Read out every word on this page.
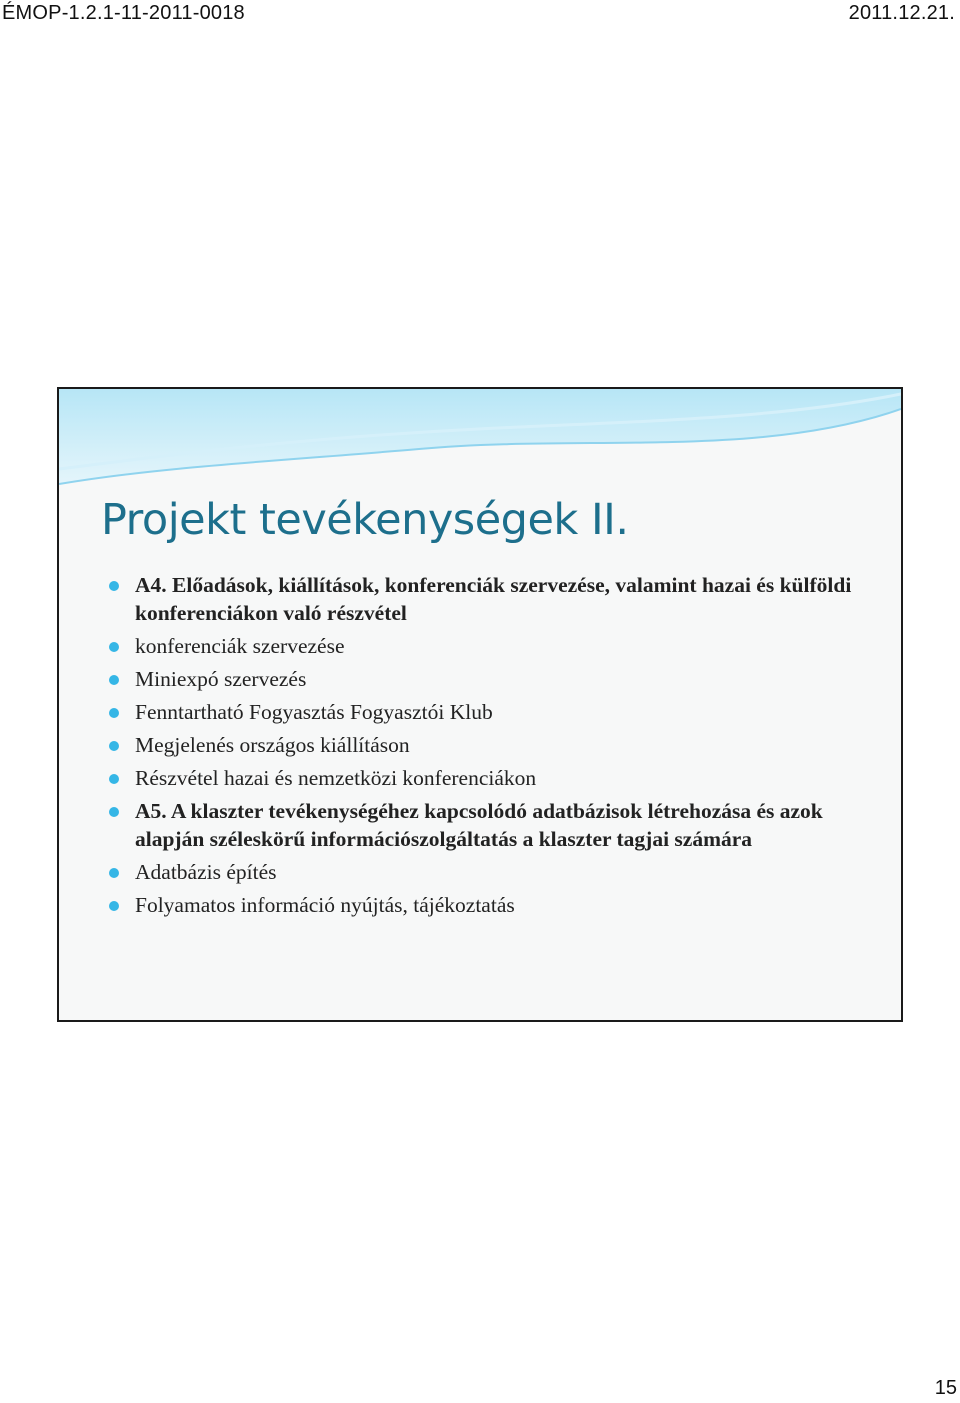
ÉMOP-1.2.1-11-2011-0018	2011.12.21.
Projekt tevékenységek II.
A4. Előadások, kiállítások, konferenciák szervezése, valamint hazai és külföldi konferenciákon való részvétel
konferenciák szervezése
Miniexpó szervezés
Fenntartható Fogyasztás Fogyasztói Klub
Megjelenés országos kiállításon
Részvétel hazai és nemzetközi konferenciákon
A5. A klaszter tevékenységéhez kapcsolódó adatbázisok létrehozása és azok alapján széleskörű információszolgáltatás a klaszter tagjai számára
Adatbázis építés
Folyamatos információ nyújtás, tájékoztatás
15
